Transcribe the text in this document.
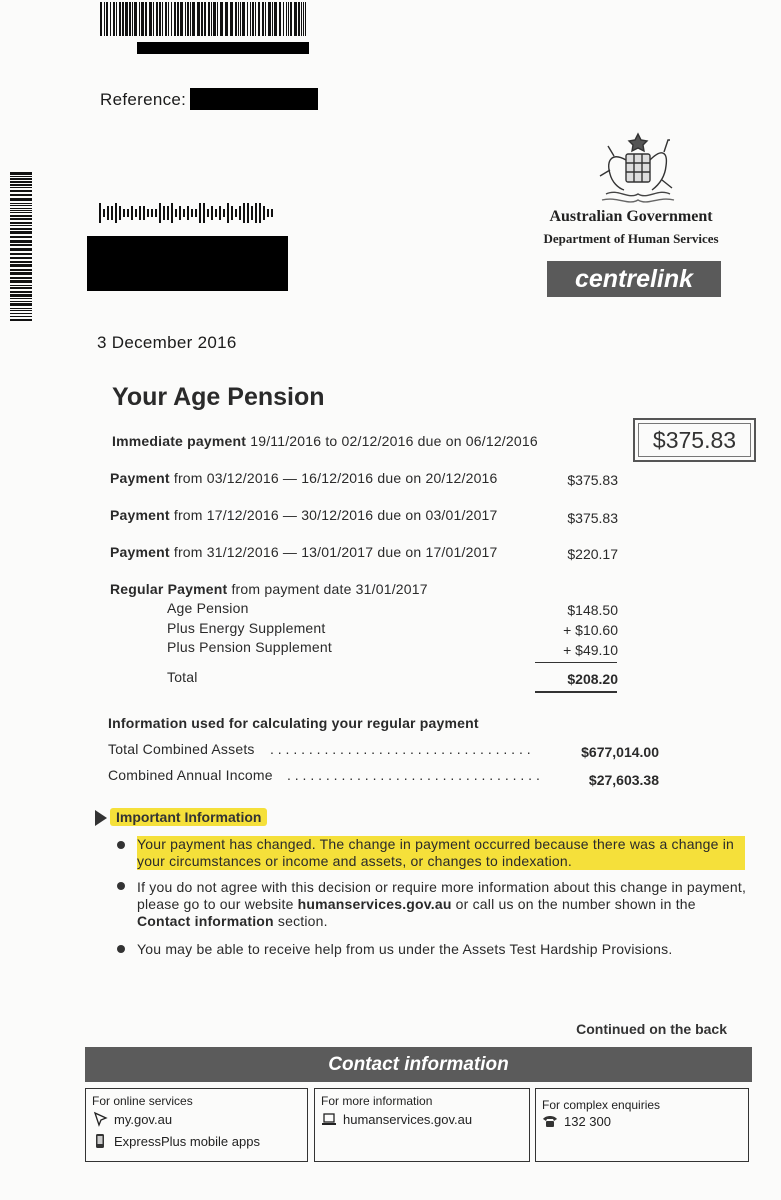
Reference:
Australian Government
Department of Human Services
centrelink
3 December 2016
Your Age Pension
Immediate payment 19/11/2016 to 02/12/2016 due on 06/12/2016	$375.83
Payment from 03/12/2016 — 16/12/2016 due on 20/12/2016	$375.83
Payment from 17/12/2016 — 30/12/2016 due on 03/01/2017	$375.83
Payment from 31/12/2016 — 13/01/2017 due on 17/01/2017	$220.17
Regular Payment from payment date 31/01/2017
Age Pension	$148.50
Plus Energy Supplement	+ $10.60
Plus Pension Supplement	+ $49.10
Total	$208.20
Information used for calculating your regular payment
Total Combined Assets . . . . . . . . . . . . . . . . . . . . . . . . . . . . . . . . . .	$677,014.00
Combined Annual Income . . . . . . . . . . . . . . . . . . . . . . . . . . . . . . . . .	$27,603.38
Important Information
Your payment has changed. The change in payment occurred because there was a change in your circumstances or income and assets, or changes to indexation.
If you do not agree with this decision or require more information about this change in payment, please go to our website humanservices.gov.au or call us on the number shown in the Contact information section.
You may be able to receive help from us under the Assets Test Hardship Provisions.
Continued on the back
Contact information
For online services
my.gov.au
ExpressPlus mobile apps
For more information
humanservices.gov.au
For complex enquiries
132 300
